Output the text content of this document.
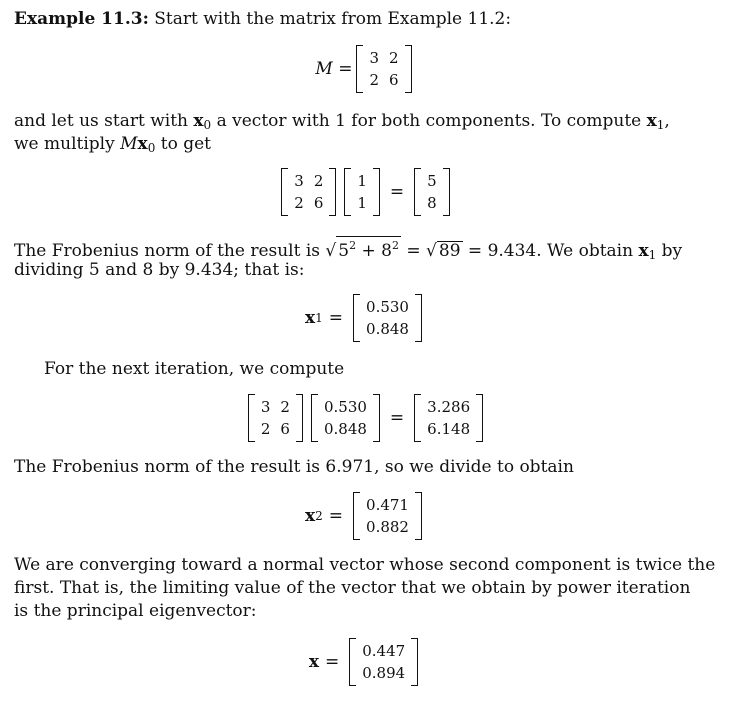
Example 11.3: Start with the matrix from Example 11.2:
M =
3 2
2 6
and let us start with $x_0$ a vector with 1 for both components. To compute $x_1$,
we multiply $Mx_0$ to get
3 2
2 6
1
1
=
5
8
The Frobenius norm of the result is √ $5^2 + 8^2$ = √ 89 = 9.434. We obtain $x_1$ by
dividing 5 and 8 by 9.434; that is:
x 1 =
0.530
0.848
For the next iteration, we compute
3 2
2 6
0.530
0.848
=
3.286
6.148
The Frobenius norm of the result is 6.971, so we divide to obtain
x 2 =
0.471
0.882
We are converging toward a normal vector whose second component is twice the
first. That is, the limiting value of the vector that we obtain by power iteration
is the principal eigenvector:
x =
0.447
0.894
